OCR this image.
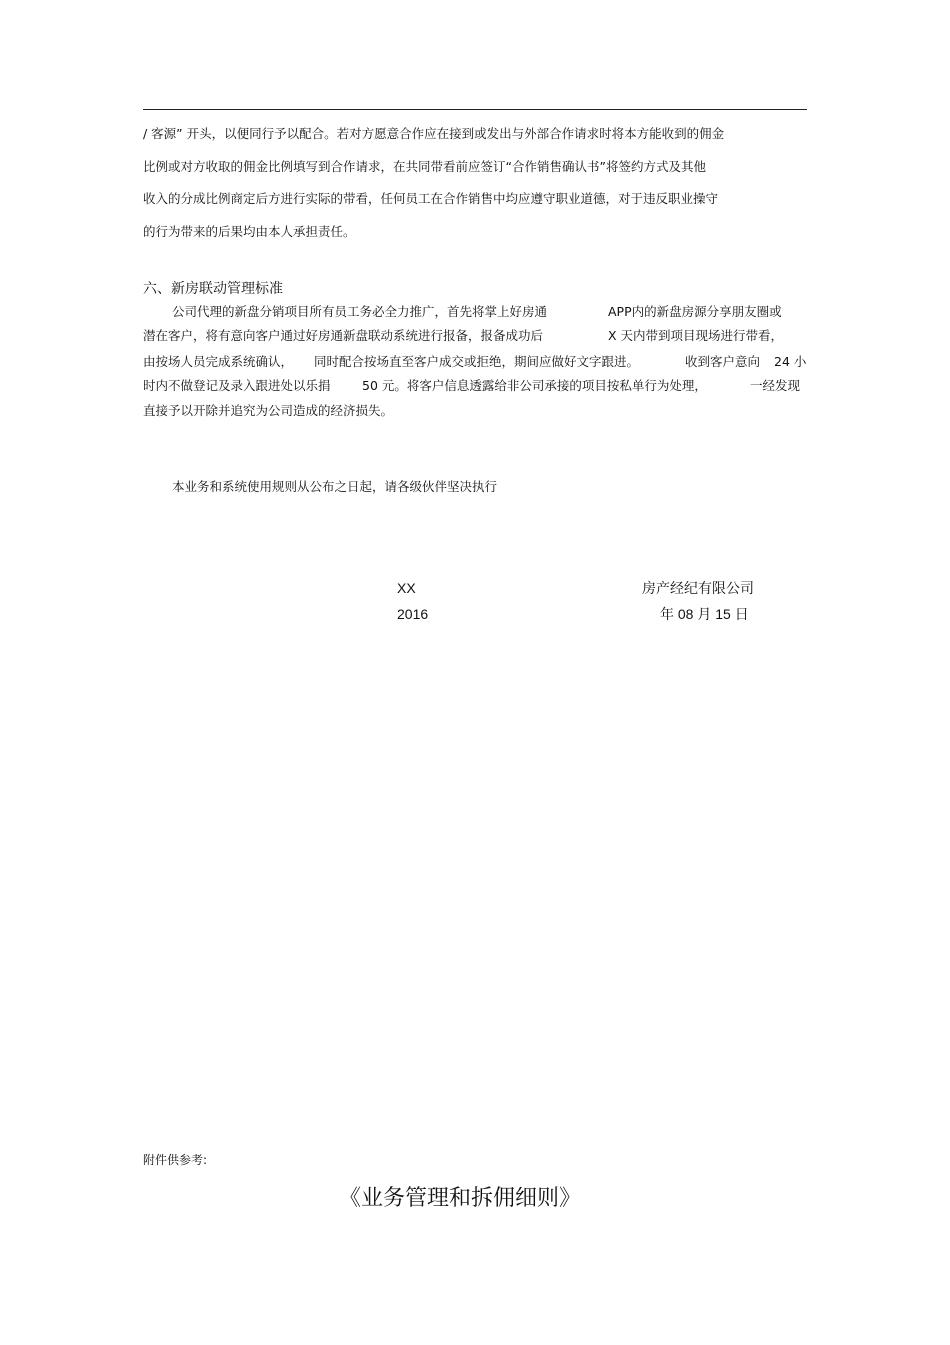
/ 客源” 开头，以便同行予以配合。若对方愿意合作应在接到或发出与外部合作请求时将本方能收到的佣金
比例或对方收取的佣金比例填写到合作请求，在共同带看前应签订“合作销售确认书”将签约方式及其他
收入的分成比例商定后方进行实际的带看，任何员工在合作销售中均应遵守职业道德，对于违反职业操守
的行为带来的后果均由本人承担责任。
六、新房联动管理标准
公司代理的新盘分销项目所有员工务必全力推广，首先将掌上好房通	APP内的新盘房源分享朋友圈或
潜在客户，将有意向客户通过好房通新盘联动系统进行报备，报备成功后	X 天内带到项目现场进行带看，
由按场人员完成系统确认， 同时配合按场直至客户成交或拒绝，期间应做好文字跟进。	收到客户意向 24 小
时内不做登记及录入跟进处以乐捐	50 元。将客户信息透露给非公司承接的项目按私单行为处理，	一经发现
直接予以开除并追究为公司造成的经济损失。
本业务和系统使用规则从公布之日起，请各级伙伴坚决执行
XX	房产经纪有限公司
2016	年 08 月 15 日
附件供参考:
《业务管理和拆佣细则》
